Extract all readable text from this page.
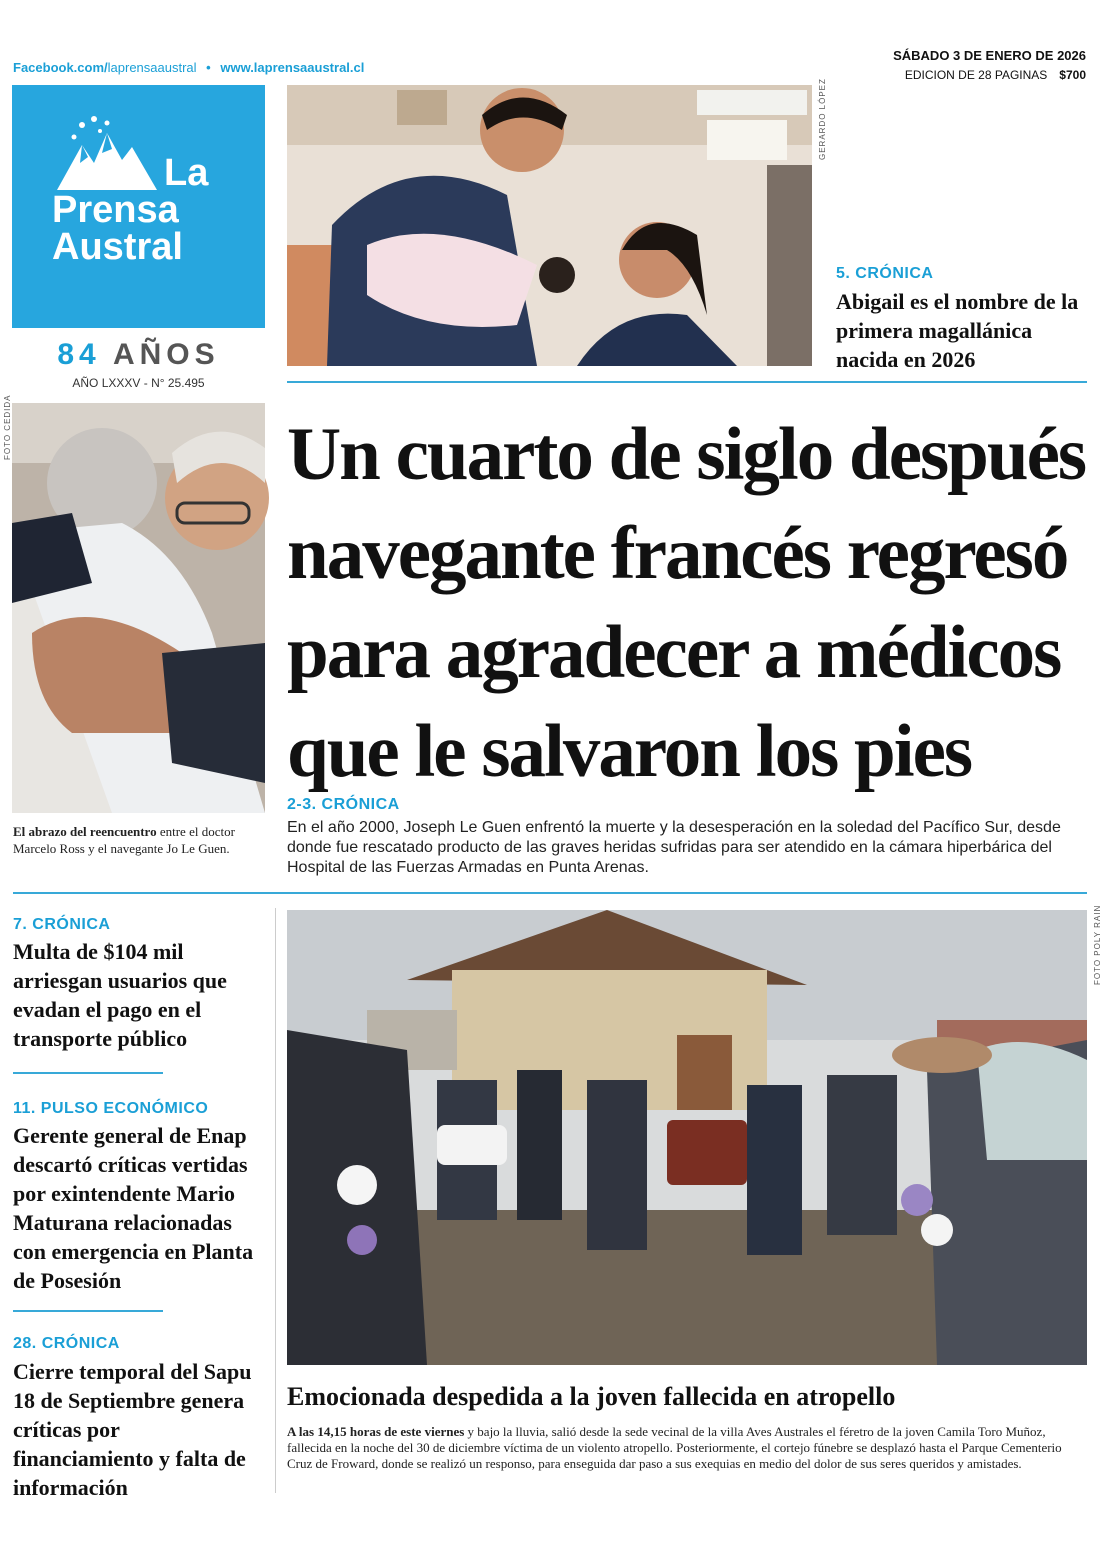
Facebook.com/laprensaaustral • www.laprensaaustral.cl
SÁBADO 3 DE ENERO DE 2026
EDICION DE 28 PAGINAS $700
La
Prensa
Austral
84 AÑOS
AÑO LXXXV - N° 25.495
GERARDO LÓPEZ
5. CRÓNICA
Abigail es el nombre de la primera magallánica nacida en 2026
FOTO CEDIDA	Un cuarto de siglo después navegante francés regresó para agradecer a médicos que le salvaron los pies
2-3. CRÓNICA
En el año 2000, Joseph Le Guen enfrentó la muerte y la desesperación en la soledad del Pacífico Sur, desde donde fue rescatado producto de las graves heridas sufridas para ser atendido en la cámara hiperbárica del Hospital de las Fuerzas Armadas en Punta Arenas.
El abrazo del reencuentro entre el doctor Marcelo Ross y el navegante Jo Le Guen.
7. CRÓNICA
Multa de $104 mil arriesgan usuarios que evadan el pago en el transporte público
11. PULSO ECONÓMICO
Gerente general de Enap descartó críticas vertidas por exintendente Mario Maturana relacionadas con emergencia en Planta de Posesión
28. CRÓNICA
Cierre temporal del Sapu 18 de Septiembre genera críticas por financiamiento y falta de información
FOTO POLY RAIN
Emocionada despedida a la joven fallecida en atropello
A las 14,15 horas de este viernes y bajo la lluvia, salió desde la sede vecinal de la villa Aves Australes el féretro de la joven Camila Toro Muñoz, fallecida en la noche del 30 de diciembre víctima de un violento atropello. Posteriormente, el cortejo fúnebre se desplazó hasta el Parque Cementerio Cruz de Froward, donde se realizó un responso, para enseguida dar paso a sus exequias en medio del dolor de sus seres queridos y amistades.
